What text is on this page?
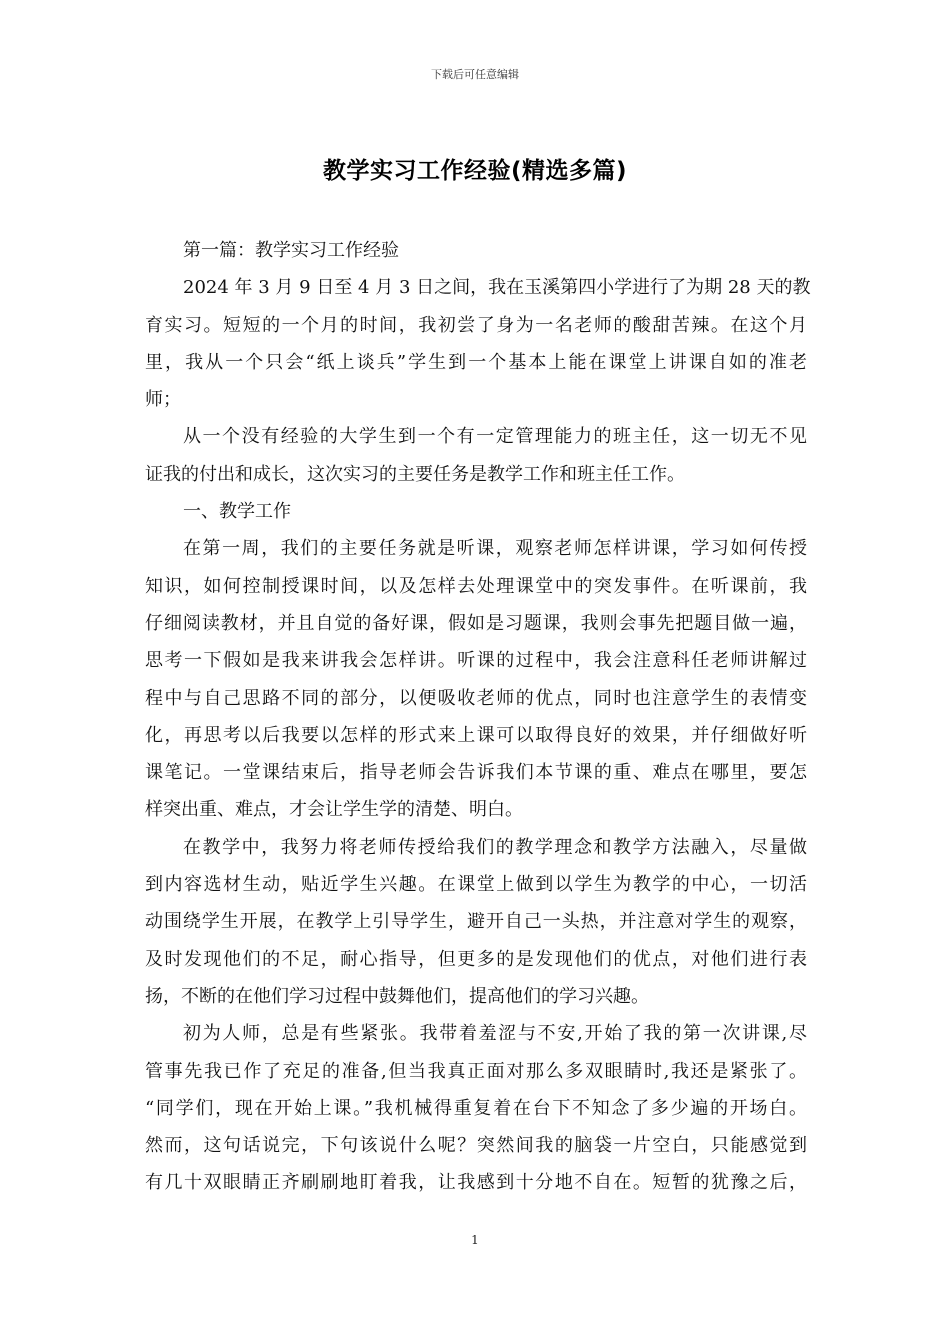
下载后可任意编辑
教学实习工作经验(精选多篇)
第一篇：教学实习工作经验
2024 年 3 月 9 日至 4 月 3 日之间，我在玉溪第四小学进行了为期 28 天的教
育实习。短短的一个月的时间，我初尝了身为一名老师的酸甜苦辣。在这个月
里，我从一个只会“纸上谈兵”学生到一个基本上能在课堂上讲课自如的准老
师；
从一个没有经验的大学生到一个有一定管理能力的班主任，这一切无不见
证我的付出和成长，这次实习的主要任务是教学工作和班主任工作。
一、教学工作
在第一周，我们的主要任务就是听课，观察老师怎样讲课，学习如何传授
知识，如何控制授课时间，以及怎样去处理课堂中的突发事件。在听课前，我
仔细阅读教材，并且自觉的备好课，假如是习题课，我则会事先把题目做一遍，
思考一下假如是我来讲我会怎样讲。听课的过程中，我会注意科任老师讲解过
程中与自己思路不同的部分，以便吸收老师的优点，同时也注意学生的表情变
化，再思考以后我要以怎样的形式来上课可以取得良好的效果，并仔细做好听
课笔记。一堂课结束后，指导老师会告诉我们本节课的重、难点在哪里，要怎
样突出重、难点，才会让学生学的清楚、明白。
在教学中，我努力将老师传授给我们的教学理念和教学方法融入，尽量做
到内容选材生动，贴近学生兴趣。在课堂上做到以学生为教学的中心，一切活
动围绕学生开展，在教学上引导学生，避开自己一头热，并注意对学生的观察，
及时发现他们的不足，耐心指导，但更多的是发现他们的优点，对他们进行表
扬，不断的在他们学习过程中鼓舞他们，提高他们的学习兴趣。
初为人师，总是有些紧张。我带着羞涩与不安,开始了我的第一次讲课,尽
管事先我已作了充足的准备,但当我真正面对那么多双眼睛时,我还是紧张了。
“同学们，现在开始上课。”我机械得重复着在台下不知念了多少遍的开场白。
然而，这句话说完，下句该说什么呢？突然间我的脑袋一片空白，只能感觉到
有几十双眼睛正齐刷刷地盯着我，让我感到十分地不自在。短暂的犹豫之后，
1
